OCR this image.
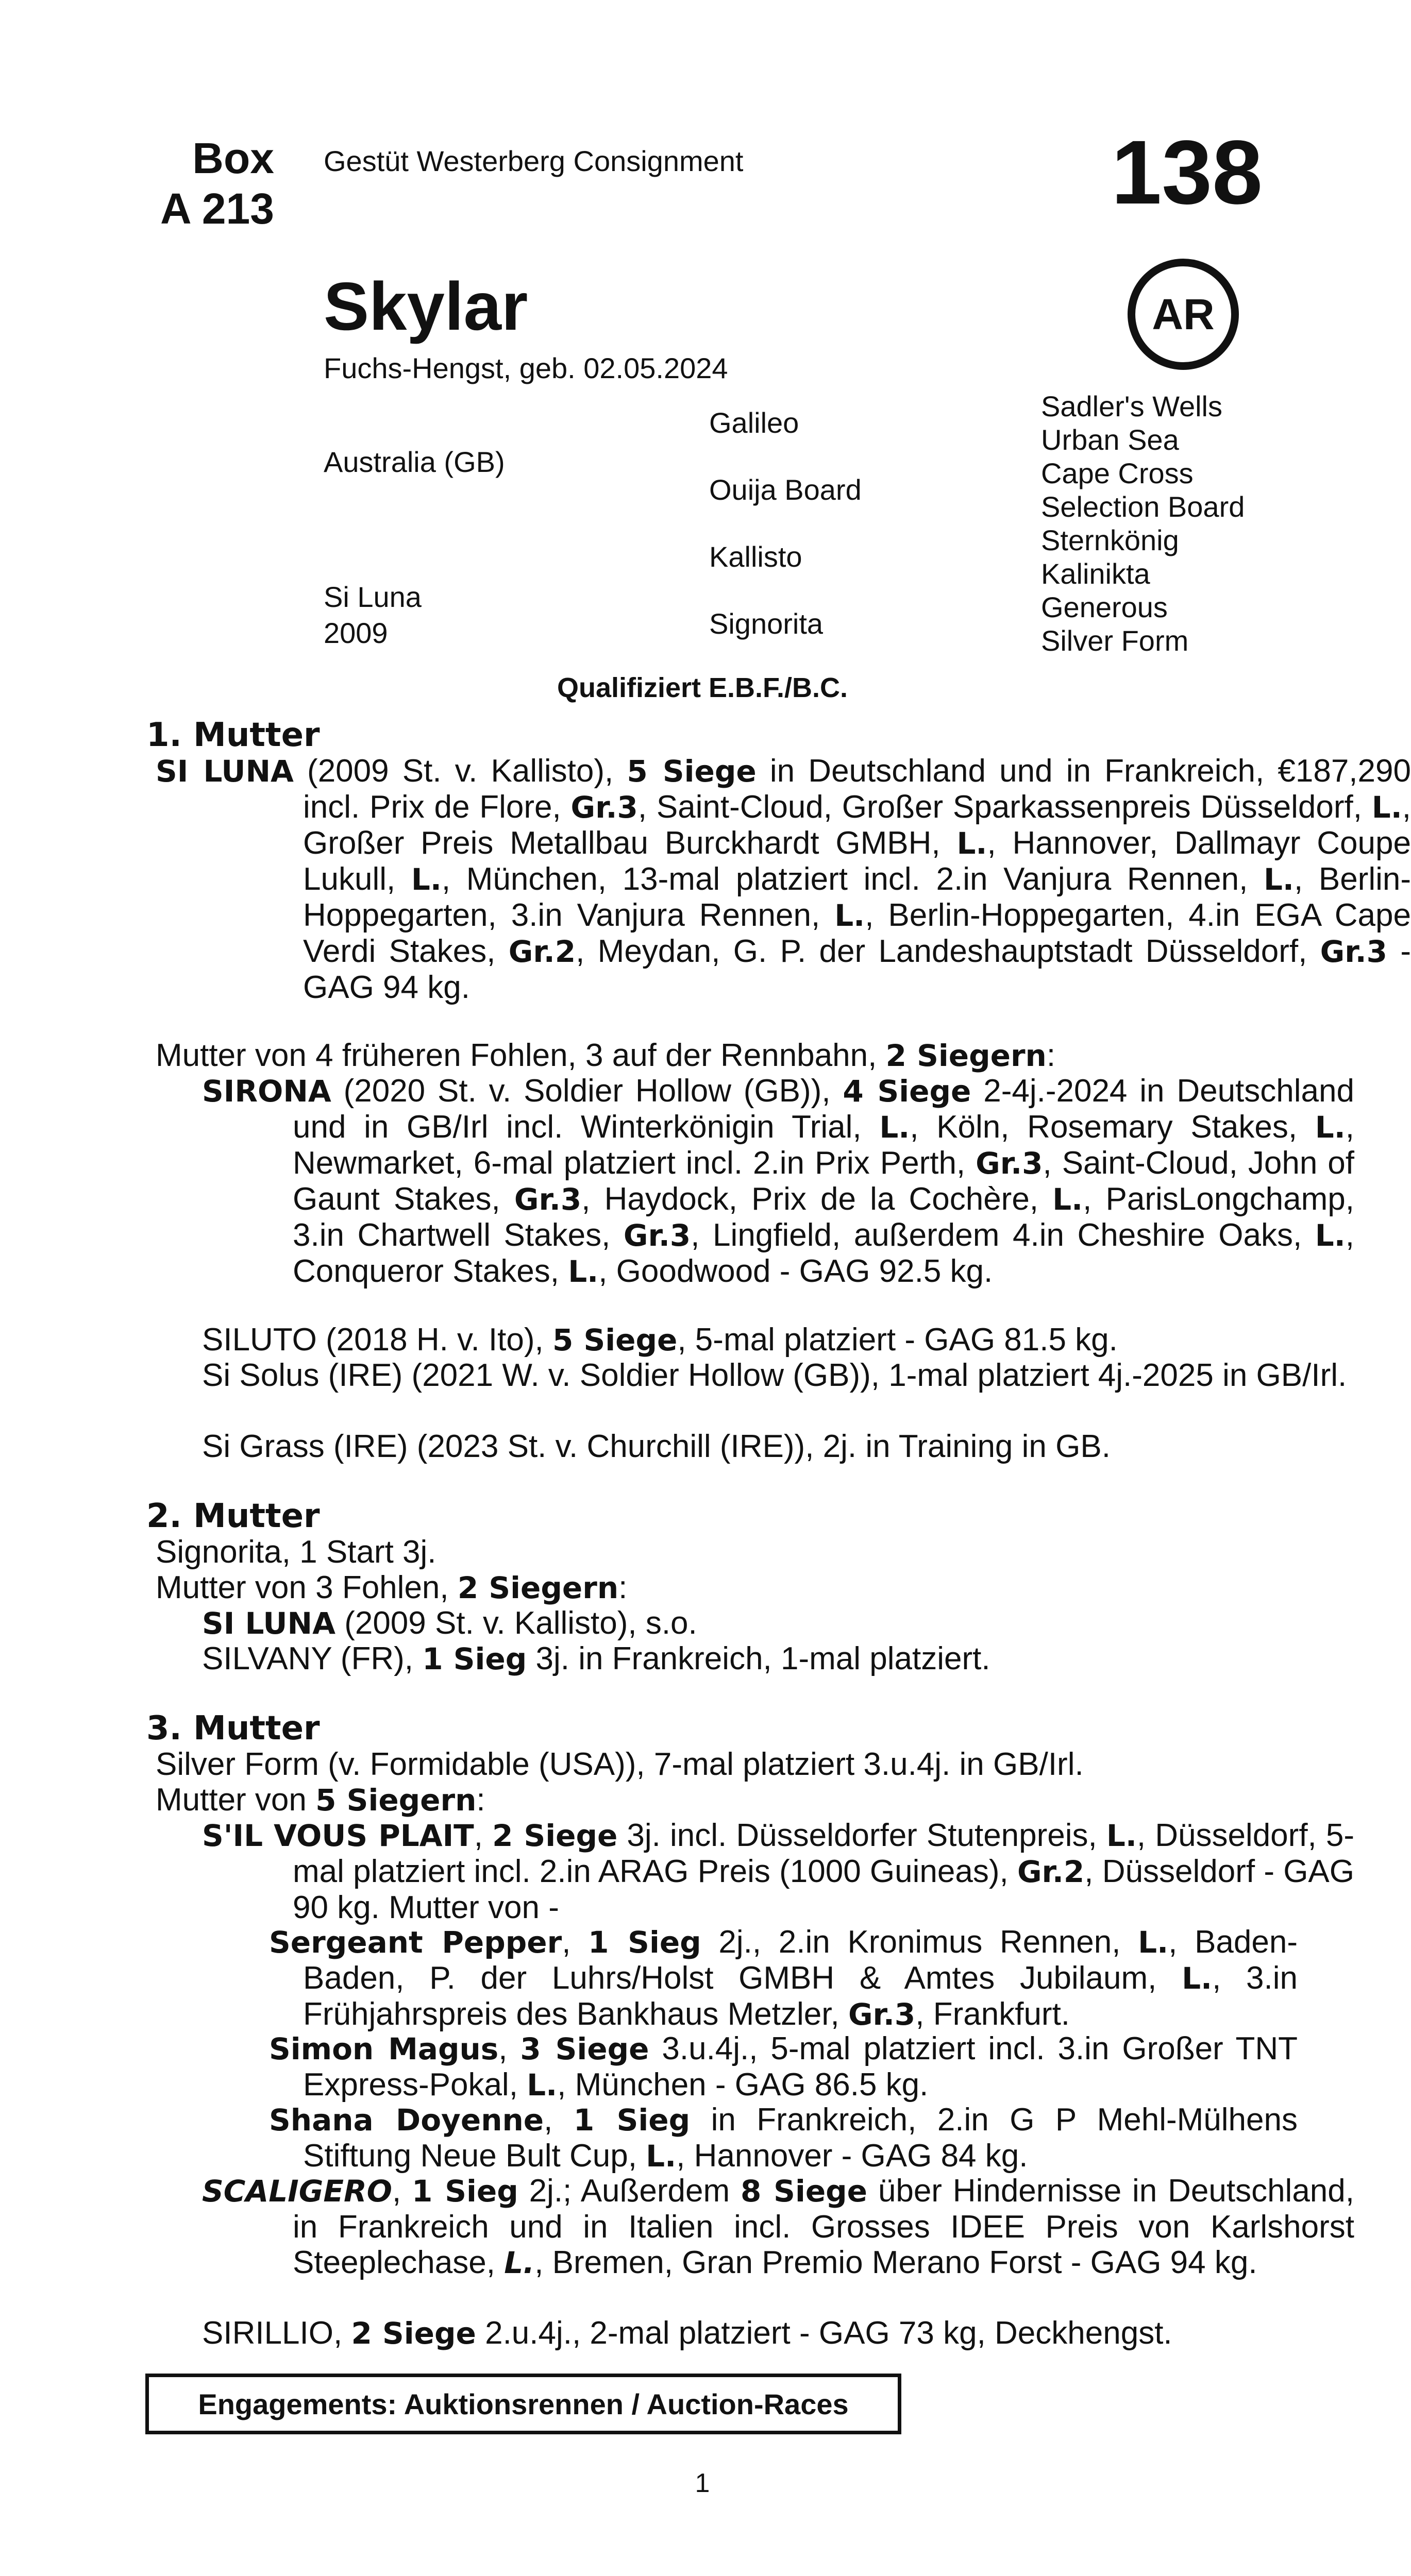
Box
A 213
Gestüt Westerberg Consignment	138
AR
Skylar
Fuchs-Hengst, geb. 02.05.2024
Australia (GB)
Si Luna
2009
Galileo
Ouija Board
Kallisto
Signorita
Sadler's Wells
Urban Sea
Cape Cross
Selection Board
Sternkönig
Kalinikta
Generous
Silver Form
Qualifiziert E.B.F./B.C.
1. Mutter
SI LUNA (2009 St. v. Kallisto), 5 Siege in Deutschland und in Frankreich, €187,290 incl. Prix de Flore, Gr.3, Saint-Cloud, Großer Sparkassenpreis Düsseldorf, L., Großer Preis Metallbau Burckhardt GMBH, L., Hannover, Dallmayr Coupe Lukull, L., München, 13-mal platziert incl. 2.in Vanjura Rennen, L., Berlin-Hoppegarten, 3.in Vanjura Rennen, L., Berlin-Hoppegarten, 4.in EGA Cape Verdi Stakes, Gr.2, Meydan, G. P. der Landeshauptstadt Düsseldorf, Gr.3 - GAG 94 kg.
Mutter von 4 früheren Fohlen, 3 auf der Rennbahn, 2 Siegern:
SIRONA (2020 St. v. Soldier Hollow (GB)), 4 Siege 2-4j.-2024 in Deutschland und in GB/Irl incl. Winterkönigin Trial, L., Köln, Rosemary Stakes, L., Newmarket, 6-mal platziert incl. 2.in Prix Perth, Gr.3, Saint-Cloud, John of Gaunt Stakes, Gr.3, Haydock, Prix de la Cochère, L., ParisLongchamp, 3.in Chartwell Stakes, Gr.3, Lingfield, außerdem 4.in Cheshire Oaks, L., Conqueror Stakes, L., Goodwood - GAG 92.5 kg.
SILUTO (2018 H. v. Ito), 5 Siege, 5-mal platziert - GAG 81.5 kg.
Si Solus (IRE) (2021 W. v. Soldier Hollow (GB)), 1-mal platziert 4j.-2025 in GB/Irl.
Si Grass (IRE) (2023 St. v. Churchill (IRE)), 2j. in Training in GB.
2. Mutter
Signorita, 1 Start 3j.
Mutter von 3 Fohlen, 2 Siegern:
SI LUNA (2009 St. v. Kallisto), s.o.
SILVANY (FR), 1 Sieg 3j. in Frankreich, 1-mal platziert.
3. Mutter
Silver Form (v. Formidable (USA)), 7-mal platziert 3.u.4j. in GB/Irl.
Mutter von 5 Siegern:
S'IL VOUS PLAIT, 2 Siege 3j. incl. Düsseldorfer Stutenpreis, L., Düsseldorf, 5-mal platziert incl. 2.in ARAG Preis (1000 Guineas), Gr.2, Düsseldorf - GAG 90 kg. Mutter von -
Sergeant Pepper, 1 Sieg 2j., 2.in Kronimus Rennen, L., Baden-Baden, P. der Luhrs/Holst GMBH & Amtes Jubilaum, L., 3.in Frühjahrspreis des Bankhaus Metzler, Gr.3, Frankfurt.
Simon Magus, 3 Siege 3.u.4j., 5-mal platziert incl. 3.in Großer TNT Express-Pokal, L., München - GAG 86.5 kg.
Shana Doyenne, 1 Sieg in Frankreich, 2.in G P Mehl-Mülhens Stiftung Neue Bult Cup, L., Hannover - GAG 84 kg.
SCALIGERO, 1 Sieg 2j.; Außerdem 8 Siege über Hindernisse in Deutschland, in Frankreich und in Italien incl. Grosses IDEE Preis von Karlshorst Steeplechase, L., Bremen, Gran Premio Merano Forst - GAG 94 kg.
SIRILLIO, 2 Siege 2.u.4j., 2-mal platziert - GAG 73 kg, Deckhengst.
Engagements: Auktionsrennen / Auction-Races
1
